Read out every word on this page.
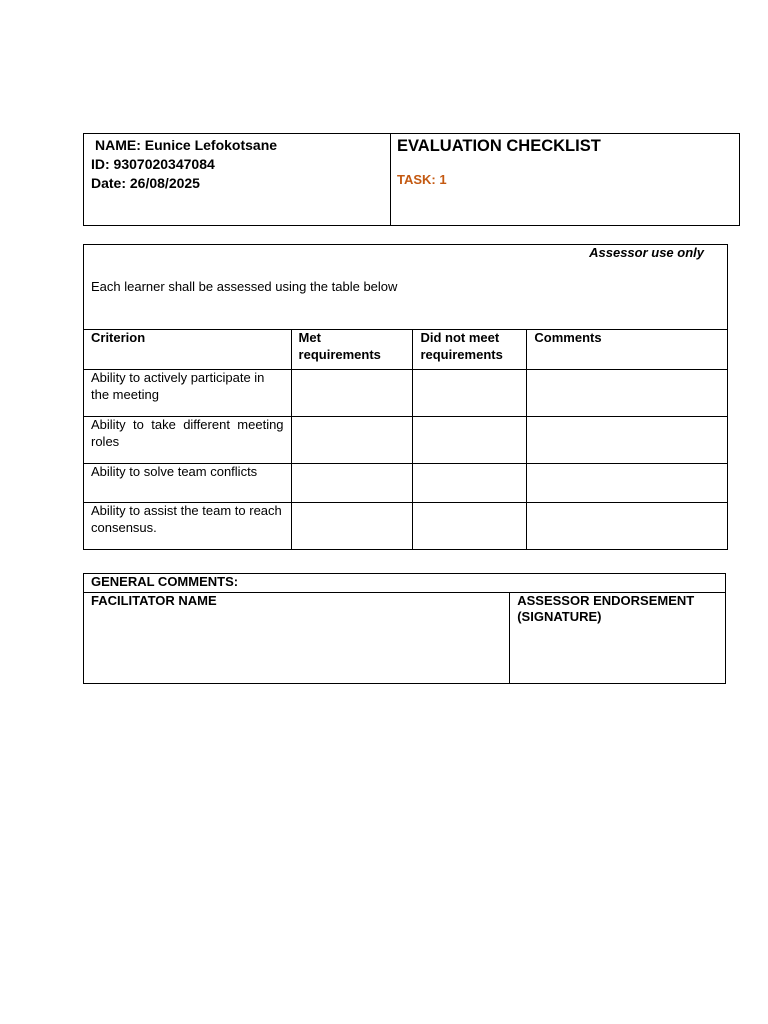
NAME: Eunice Lefokotsane
ID: 9307020347084
Date: 26/08/2025
EVALUATION CHECKLIST
TASK: 1
Assessor use only
Each learner shall be assessed using the table below			

Criterion	Met requirements	Did not meet requirements	Comments
Ability to actively participate in the meeting			
Ability to take different meeting roles			
Ability to solve team conflicts			
Ability to assist the team to reach consensus.			
GENERAL COMMENTS:
FACILITATOR NAME	ASSESSOR ENDORSEMENT (SIGNATURE)
